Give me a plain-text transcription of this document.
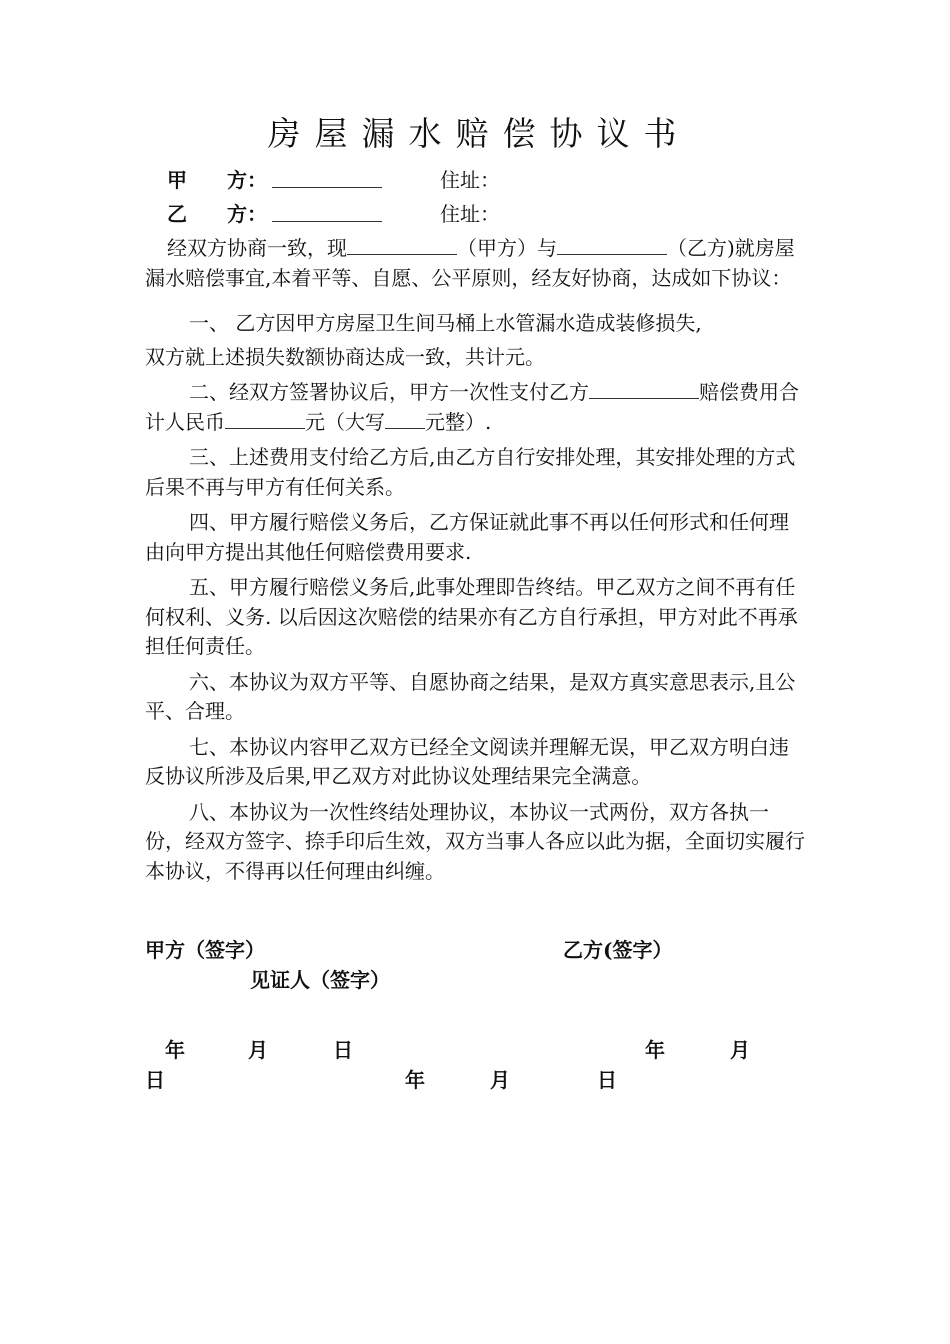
房屋漏水赔偿协议书
甲　　方：	住址：
乙　　方：	住址：

经双方协商一致，现	（甲方）与	（乙方)就房屋漏水赔偿事宜,本着平等、自愿、公平原则，经友好协商，达成如下协议：

一、 乙方因甲方房屋卫生间马桶上水管漏水造成装修损失,

双方就上述损失数额协商达成一致，共计元。

二、经双方签署协议后，甲方一次性支付乙方	赔偿费用合计人民币	元（大写 元整）.

三、上述费用支付给乙方后,由乙方自行安排处理，其安排处理的方式后果不再与甲方有任何关系。

四、甲方履行赔偿义务后，乙方保证就此事不再以任何形式和任何理由向甲方提出其他任何赔偿费用要求.

五、甲方履行赔偿义务后,此事处理即告终结。甲乙双方之间不再有任何权利、义务. 以后因这次赔偿的结果亦有乙方自行承担，甲方对此不再承担任何责任。

六、本协议为双方平等、自愿协商之结果，是双方真实意思表示,且公平、合理。

七、本协议内容甲乙双方已经全文阅读并理解无误，甲乙双方明白违反协议所涉及后果,甲乙双方对此协议处理结果完全满意。

八、本协议为一次性终结处理协议，本协议一式两份，双方各执一份，经双方签字、捺手印后生效，双方当事人各应以此为据，全面切实履行本协议，不得再以任何理由纠缠。

甲方（签字）	乙方(签字）
见证人（签字）
年	月	日	年	月
日	年	月	日
